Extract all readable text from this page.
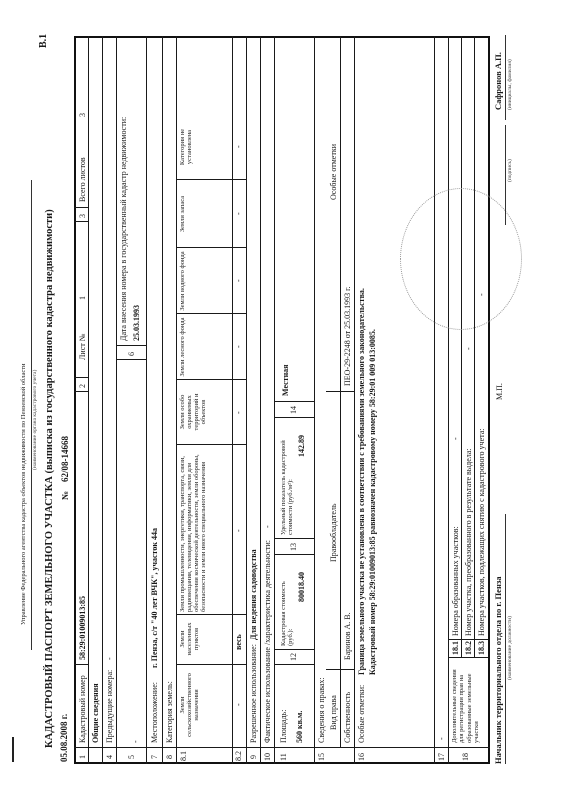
Управление Федерального агентства кадастра объектов недвижимости по Пензенской области (наименование органа кадастрового учета)
В.1
КАДАСТРОВЫЙ ПАСПОРТ ЗЕМЕЛЬНОГО УЧАСТКА (выписка из государственного кадастра недвижимости) 05.08.2008 г.
№
62/08-14668
1
Кадастровый номер
58:29:01009013:85
2
Лист №
1
3
Всего листов
3
Общие сведения
4
Предыдущие номера:
-
5
-
6
Дата внесения номера в государственный кадастр недвижимости: 25.03.1993
7
Местоположение:
г. Пенза, с/т "40 лет ВЧК", участок 44а
8
Категория земель:
8.1
Земли сельскохозяйственного назначения
Земли населенных пунктов
Земли промышленности, энергетики, транспорта, связи, радиовещания, телевидения, информатики, земли для обеспечения космической деятельности, земли обороны, безопасности и земли иного специального назначения
Земли особо охраняемых территорий и объектов
Земли лесного фонда
Земли водного фонда
Земли запаса
Категория не установлена
8.2
-
весь
-
-
-
-
-
-
9
Разрешенное использование:
Для ведения садоводства
10
Фактическое использование /характеристика деятельности:
-
11
Площадь: 560 кв.м.
12
Кадастровая стоимость (руб.):
80018.40
13
Удельный показатель кадастровой стоимости (руб./м²):
142.89
14
Местная
15
Сведения о правах: Вид права
Правообладатель
Особые отметки
Собственность
Баринов А. В.
ПЕО-29-2248 от 25.03.1993 г.
16
Особые отметки:
Граница земельного участка не установлена в соответствии с требованиями земельного законодательства. Кадастровый номер 58:29:01009013:85 равнозначен кадастровому номеру 58:29:01 009 013:0085.
17
-
18
Дополнительные сведения для регистрации прав на образованные земельные участки
18.1
Номера образованных участков:
-
18.2
Номер участка, преобразованного в результате выдела:
-
18.3
Номера участков, подлежащих снятию с кадастрового учета:
-
Начальник территориального отдела по г. Пенза (наименование должности)
М.П.
(подпись)
Сафронов А.П. (инициалы, фамилия)
